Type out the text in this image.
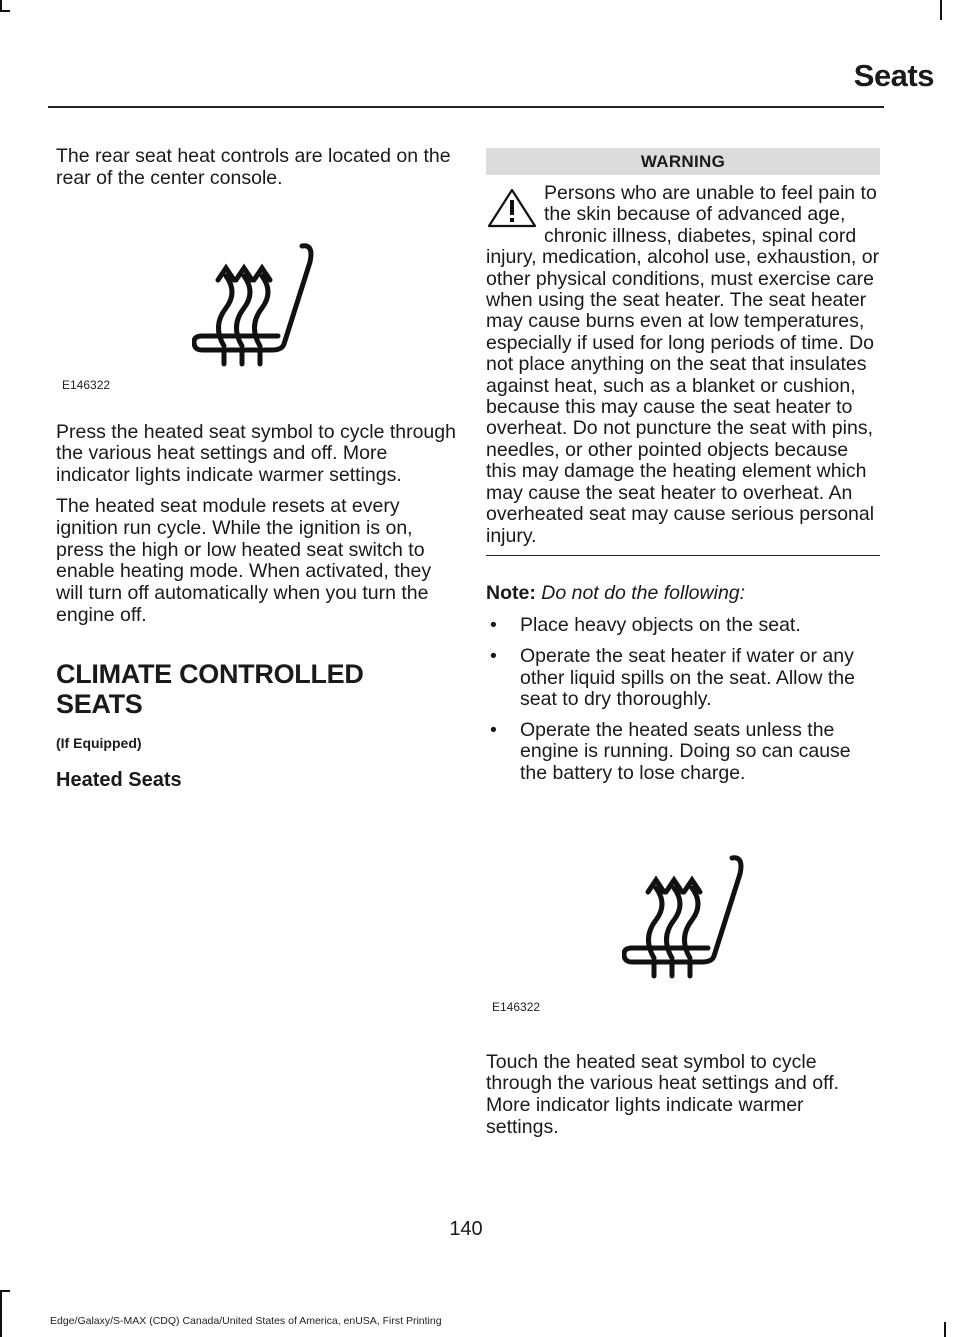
Seats

The rear seat heat controls are located on the rear of the center console.

E146322

Press the heated seat symbol to cycle through the various heat settings and off. More indicator lights indicate warmer settings.

The heated seat module resets at every ignition run cycle. While the ignition is on, press the high or low heated seat switch to enable heating mode. When activated, they will turn off automatically when you turn the engine off.

CLIMATE CONTROLLED SEATS
(If Equipped)
Heated Seats
WARNING

Persons who are unable to feel pain to the skin because of advanced age, chronic illness, diabetes, spinal cord injury, medication, alcohol use, exhaustion, or other physical conditions, must exercise care when using the seat heater. The seat heater may cause burns even at low temperatures, especially if used for long periods of time. Do not place anything on the seat that insulates against heat, such as a blanket or cushion, because this may cause the seat heater to overheat. Do not puncture the seat with pins, needles, or other pointed objects because this may damage the heating element which may cause the seat heater to overheat. An overheated seat may cause serious personal injury.

Note: Do not do the following:
• Place heavy objects on the seat.
• Operate the seat heater if water or any other liquid spills on the seat. Allow the seat to dry thoroughly.
• Operate the heated seats unless the engine is running. Doing so can cause the battery to lose charge.
E146322

Touch the heated seat symbol to cycle through the various heat settings and off. More indicator lights indicate warmer settings.

140
Edge/Galaxy/S-MAX (CDQ) Canada/United States of America, enUSA, First Printing
